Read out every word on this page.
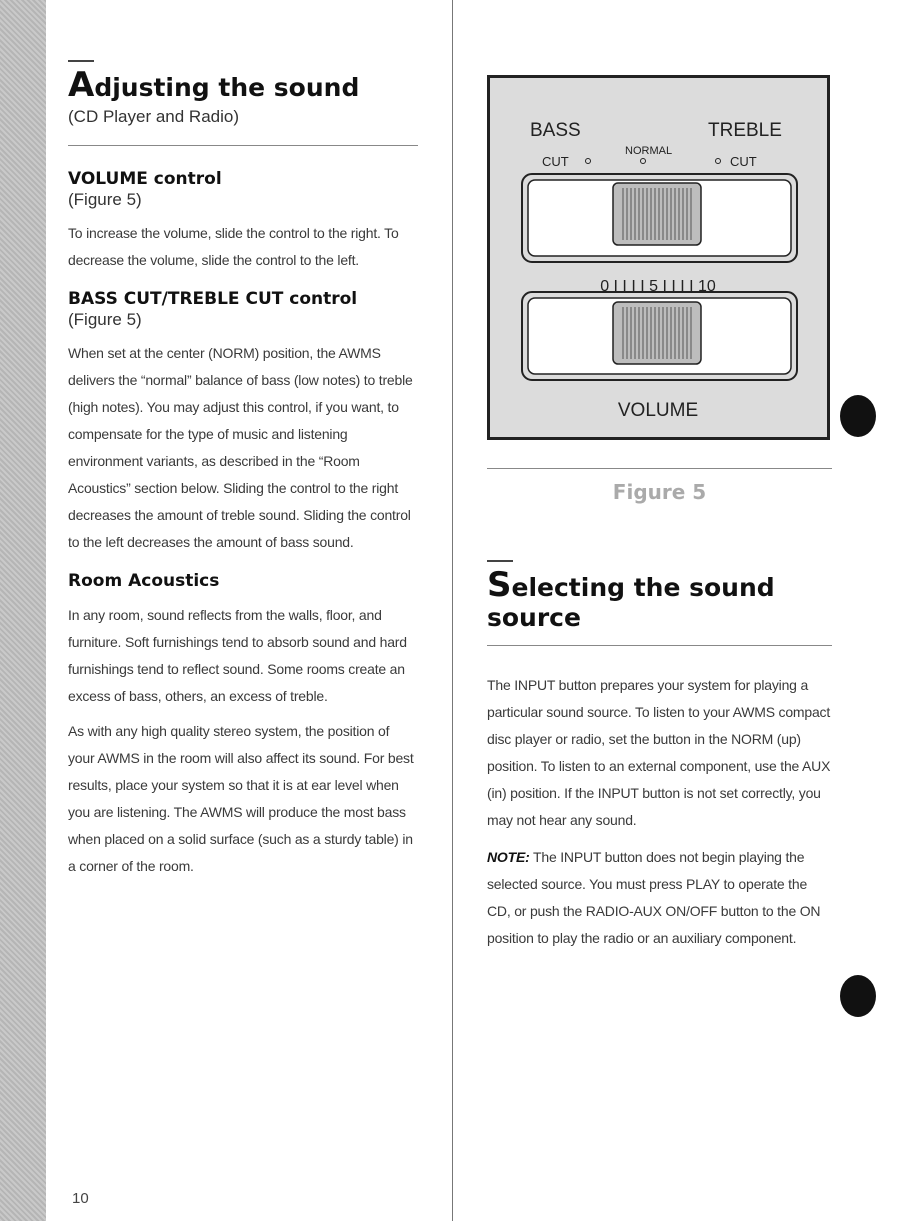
Adjusting the sound

(CD Player and Radio)

VOLUME control

(Figure 5)

To increase the volume, slide the control to the right. To decrease the volume, slide the control to the left.

BASS CUT/TREBLE CUT control

(Figure 5)

When set at the center (NORM) position, the AWMS delivers the “normal” balance of bass (low notes) to treble (high notes). You may adjust this control, if you want, to compensate for the type of music and listening environment variants, as described in the “Room Acoustics” section below. Sliding the control to the right decreases the amount of treble sound. Sliding the control to the left decreases the amount of bass sound.

Room Acoustics

In any room, sound reflects from the walls, floor, and furniture. Soft furnishings tend to absorb sound and hard furnishings tend to reflect sound. Some rooms create an excess of bass, others, an excess of treble.

As with any high quality stereo system, the position of your AWMS in the room will also affect its sound. For best results, place your system so that it is at ear level when you are listening. The AWMS will produce the most bass when placed on a solid surface (such as a sturdy table) in a corner of the room.

10
BASS	TREBLE
CUT
NORMAL
CUT
0 I I I I 5 I I I I 10
VOLUME
Figure 5
Selecting the sound
source

The INPUT button prepares your system for playing a particular sound source. To listen to your AWMS compact disc player or radio, set the button in the NORM (up) position. To listen to an external component, use the AUX (in) position. If the INPUT button is not set correctly, you may not hear any sound.

NOTE: The INPUT button does not begin playing the selected source. You must press PLAY to operate the CD, or push the RADIO-AUX ON/OFF button to the ON position to play the radio or an auxiliary component.
